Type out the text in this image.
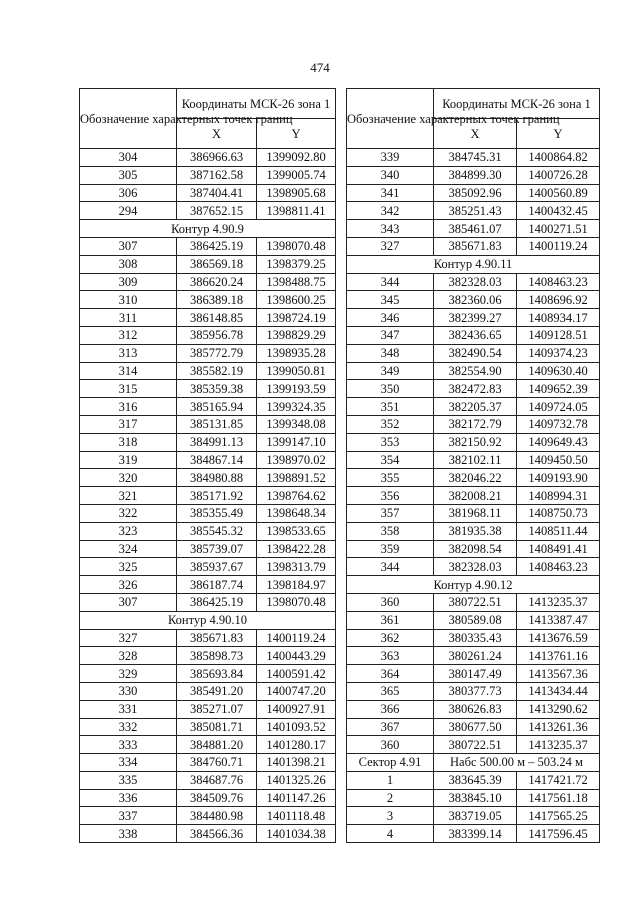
474
Обозначение характерных точек границ	Координаты МСК-26 зона 1	
	X	Y
304	386966.63	1399092.80
305	387162.58	1399005.74
306	387404.41	1398905.68
294	387652.15	1398811.41
Контур 4.90.9		
307	386425.19	1398070.48
308	386569.18	1398379.25
309	386620.24	1398488.75
310	386389.18	1398600.25
311	386148.85	1398724.19
312	385956.78	1398829.29
313	385772.79	1398935.28
314	385582.19	1399050.81
315	385359.38	1399193.59
316	385165.94	1399324.35
317	385131.85	1399348.08
318	384991.13	1399147.10
319	384867.14	1398970.02
320	384980.88	1398891.52
321	385171.92	1398764.62
322	385355.49	1398648.34
323	385545.32	1398533.65
324	385739.07	1398422.28
325	385937.67	1398313.79
326	386187.74	1398184.97
307	386425.19	1398070.48
Контур 4.90.10		
327	385671.83	1400119.24
328	385898.73	1400443.29
329	385693.84	1400591.42
330	385491.20	1400747.20
331	385271.07	1400927.91
332	385081.71	1401093.52
333	384881.20	1401280.17
334	384760.71	1401398.21
335	384687.76	1401325.26
336	384509.76	1401147.26
337	384480.98	1401118.48
338	384566.36	1401034.38
Обозначение характерных точек границ	Координаты МСК-26 зона 1	
	X	Y
339	384745.31	1400864.82
340	384899.30	1400726.28
341	385092.96	1400560.89
342	385251.43	1400432.45
343	385461.07	1400271.51
327	385671.83	1400119.24
Контур 4.90.11		
344	382328.03	1408463.23
345	382360.06	1408696.92
346	382399.27	1408934.17
347	382436.65	1409128.51
348	382490.54	1409374.23
349	382554.90	1409630.40
350	382472.83	1409652.39
351	382205.37	1409724.05
352	382172.79	1409732.78
353	382150.92	1409649.43
354	382102.11	1409450.50
355	382046.22	1409193.90
356	382008.21	1408994.31
357	381968.11	1408750.73
358	381935.38	1408511.44
359	382098.54	1408491.41
344	382328.03	1408463.23
Контур 4.90.12		
360	380722.51	1413235.37
361	380589.08	1413387.47
362	380335.43	1413676.59
363	380261.24	1413761.16
364	380147.49	1413567.36
365	380377.73	1413434.44
366	380626.83	1413290.62
367	380677.50	1413261.36
360	380722.51	1413235.37
Сектор 4.91	Набс 500.00 м – 503.24 м	
1	383645.39	1417421.72
2	383845.10	1417561.18
3	383719.05	1417565.25
4	383399.14	1417596.45
